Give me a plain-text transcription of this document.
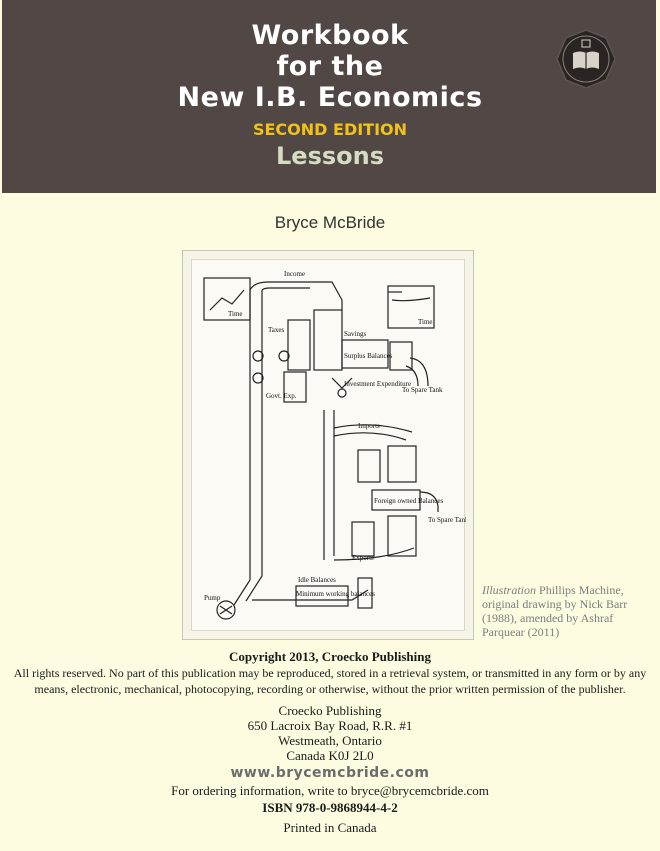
Workbook
for the
New I.B. Economics
SECOND EDITION
Lessons
Bryce McBride
Income
Time
Time
Savings
Surplus Balances
Investment Expenditure
To Spare Tank
Imports
Foreign owned Balances
To Spare Tank
Exports
Idle Balances
Pump	Minimum working balances
Govt. Exp.
Taxes
Illustration Phillips Machine, original drawing by Nick Barr (1988), amended by Ashraf Parquear (2011)
Copyright 2013, Croecko Publishing
All rights reserved. No part of this publication may be reproduced, stored in a retrieval system, or transmitted in any form or by any means, electronic, mechanical, photocopying, recording or otherwise, without the prior written permission of the publisher.
Croecko Publishing
650 Lacroix Bay Road, R.R. #1
Westmeath, Ontario
Canada K0J 2L0
www.brycemcbride.com
For ordering information, write to bryce@brycemcbride.com
ISBN 978-0-9868944-4-2
Printed in Canada
